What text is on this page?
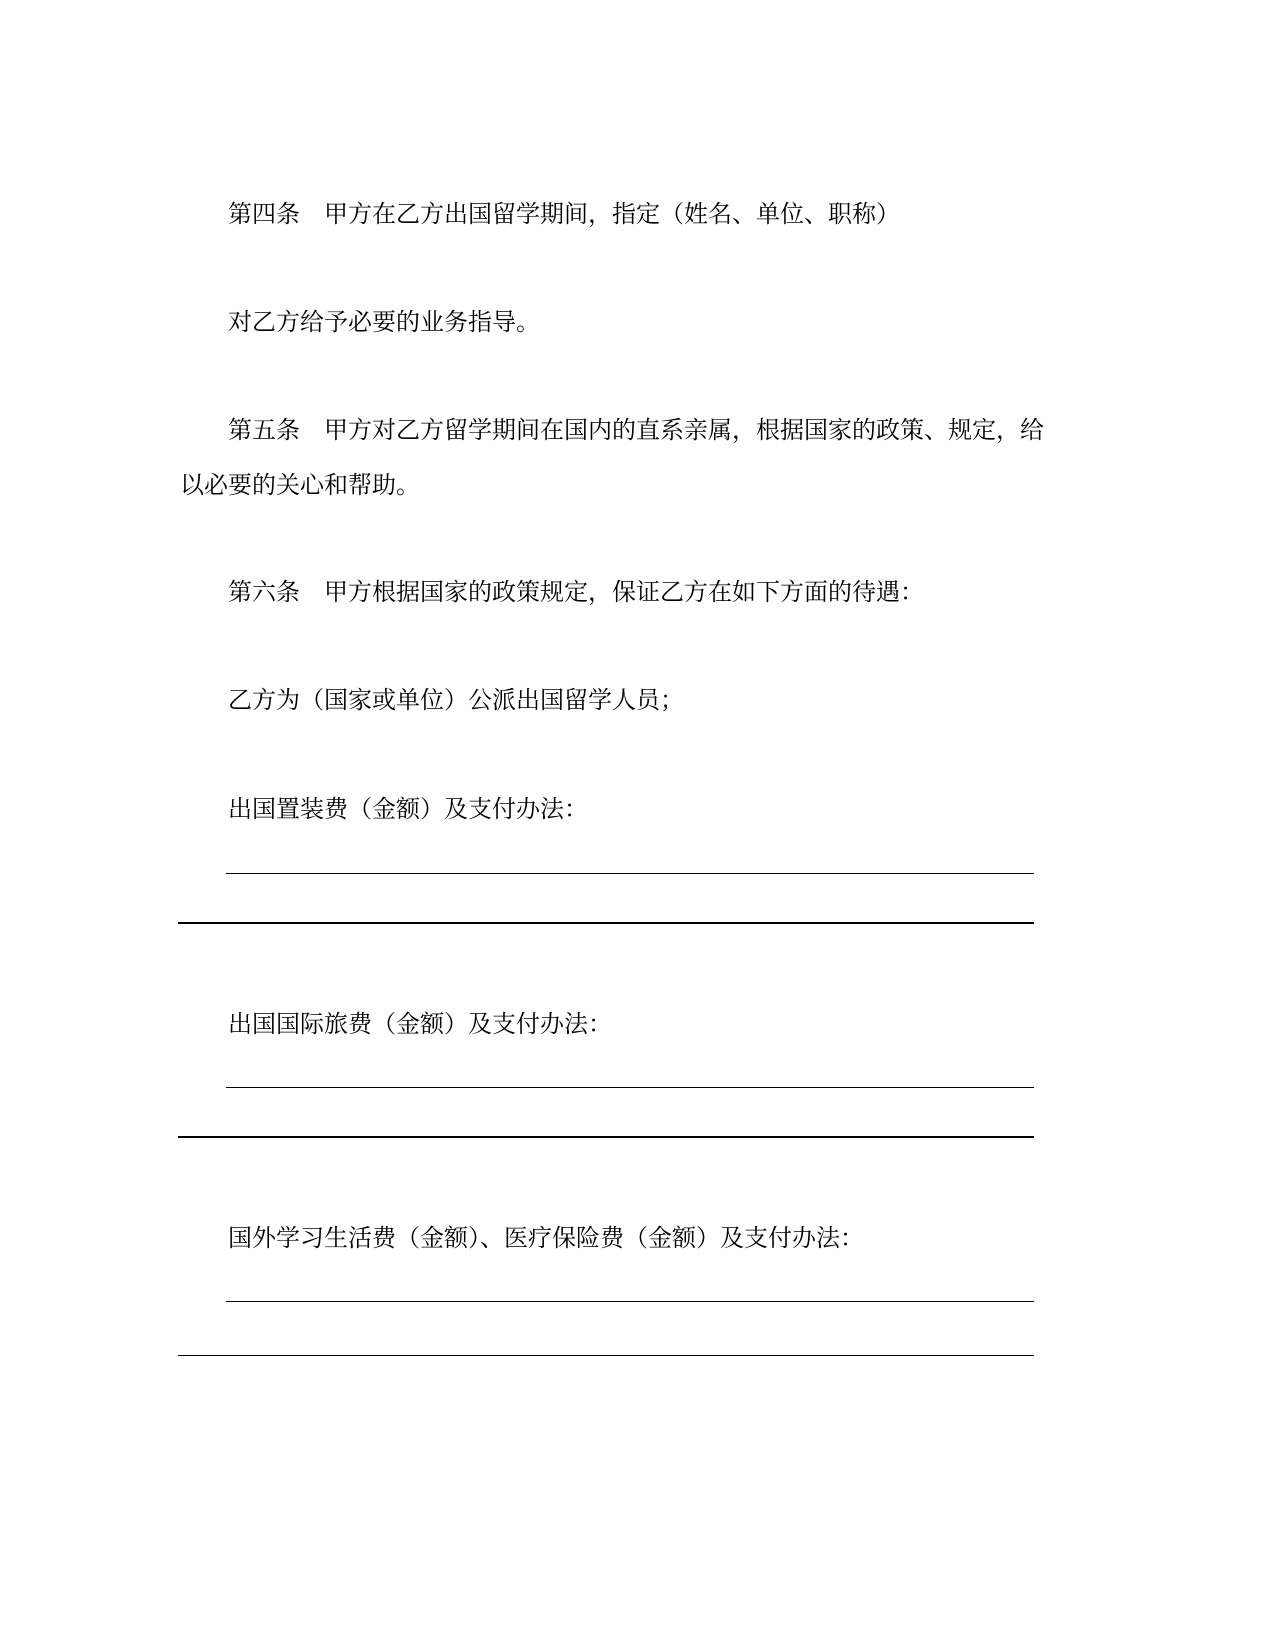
第四条　甲方在乙方出国留学期间，指定（姓名、单位、职称）
对乙方给予必要的业务指导。
第五条　甲方对乙方留学期间在国内的直系亲属，根据国家的政策、规定，给
以必要的关心和帮助。
第六条　甲方根据国家的政策规定，保证乙方在如下方面的待遇：
乙方为（国家或单位）公派出国留学人员；
出国置装费（金额）及支付办法：
出国国际旅费（金额）及支付办法：
国外学习生活费（金额）、医疗保险费（金额）及支付办法：
